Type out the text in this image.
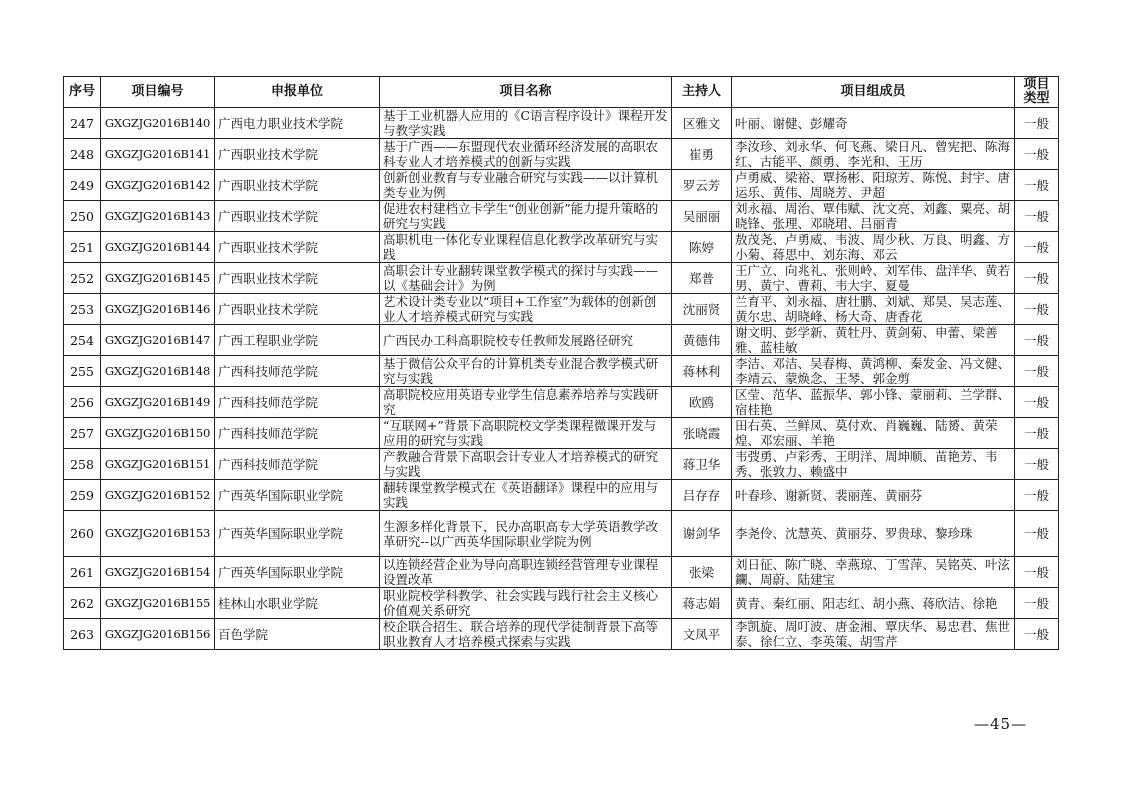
序号	项目编号	申报单位	项目名称	主持人	项目组成员	项目类型
247	GXGZJG2016B140	广西电力职业技术学院	基于工业机器人应用的《C语言程序设计》课程开发与教学实践	区雅文	叶丽、谢健、彭耀奇	一般
248	GXGZJG2016B141	广西职业技术学院	基于广西——东盟现代农业循环经济发展的高职农科专业人才培养模式的创新与实践	崔勇	李汝珍、刘永华、何飞燕、梁日凡、曾宪把、陈海红、古能平、颜勇、李光和、王历	一般
249	GXGZJG2016B142	广西职业技术学院	创新创业教育与专业融合研究与实践——以计算机类专业为例	罗云芳	卢勇威、梁裕、覃扬彬、阳琼芳、陈悦、封宇、唐运乐、黄伟、周晓芳、尹超	一般
250	GXGZJG2016B143	广西职业技术学院	促进农村建档立卡学生“创业创新”能力提升策略的研究与实践	吴丽丽	刘永福、周治、覃伟赋、沈文亮、刘鑫、粟亮、胡晓锋、张理、邓晓珺、吕丽青	一般
251	GXGZJG2016B144	广西职业技术学院	高职机电一体化专业课程信息化教学改革研究与实践	陈婷	敖茂尧、卢勇威、韦波、周少秋、万良、明鑫、方小菊、蒋思中、刘东海、邓云	一般
252	GXGZJG2016B145	广西职业技术学院	高职会计专业翻转课堂教学模式的探讨与实践——以《基础会计》为例	郑普	王广立、向兆礼、张则岭、刘军伟、盘洋华、黄若男、黄宁、曹莉、韦大宇、夏曼	一般
253	GXGZJG2016B146	广西职业技术学院	艺术设计类专业以“项目+工作室”为载体的创新创业人才培养模式研究与实践	沈丽贤	兰育平、刘永福、唐壮鹏、刘斌、郑昊、吴志莲、黄尔忠、胡晓峰、杨大奇、唐香花	一般
254	GXGZJG2016B147	广西工程职业学院	广西民办工科高职院校专任教师发展路径研究	黄德伟	谢文明、彭学新、黄牡丹、黄剑菊、申蕾、梁善雅、蓝桂敏	一般
255	GXGZJG2016B148	广西科技师范学院	基于微信公众平台的计算机类专业混合教学模式研究与实践	蒋林利	李洁、邓洁、吴春梅、黄鸿柳、秦发金、冯文健、李靖云、蒙焕念、王琴、郭金剪	一般
256	GXGZJG2016B149	广西科技师范学院	高职院校应用英语专业学生信息素养培养与实践研究	欧鸥	区莹、范华、蓝振华、郭小锋、蒙丽莉、兰学群、宿桂艳	一般
257	GXGZJG2016B150	广西科技师范学院	“互联网+”背景下高职院校文学类课程微课开发与应用的研究与实践	张晓霞	田右英、兰鲜凤、莫付欢、肖巍巍、陆赟、黄荣煌、邓宏丽、羊艳	一般
258	GXGZJG2016B151	广西科技师范学院	产教融合背景下高职会计专业人才培养模式的研究与实践	蒋卫华	韦弢勇、卢彩秀、王明洋、周坤顺、苗艳芳、韦秀、张敦力、赖盛中	一般
259	GXGZJG2016B152	广西英华国际职业学院	翻转课堂教学模式在《英语翻译》课程中的应用与实践	吕存存	叶春珍、谢新贤、裴丽莲、黄丽芬	一般
260	GXGZJG2016B153	广西英华国际职业学院	生源多样化背景下，民办高职高专大学英语教学改革研究--以广西英华国际职业学院为例	谢剑华	李尧伶、沈慧英、黄丽芬、罗贵球、黎珍珠	一般
261	GXGZJG2016B154	广西英华国际职业学院	以连锁经营企业为导向高职连锁经营管理专业课程设置改革	张梁	刘日征、陈广晓、幸燕琼、丁雪萍、吴铭英、叶泫鑭、周蔚、陆建宝	一般
262	GXGZJG2016B155	桂林山水职业学院	职业院校学科教学、社会实践与践行社会主义核心价值观关系研究	蒋志娟	黄青、秦红丽、阳志红、胡小燕、蒋欣洁、徐艳	一般
263	GXGZJG2016B156	百色学院	校企联合招生、联合培养的现代学徒制背景下高等职业教育人才培养模式探索与实践	文凤平	李凯旋、周叮波、唐金湘、覃庆华、易忠君、焦世泰、徐仁立、李英策、胡雪芹	一般
—45—
